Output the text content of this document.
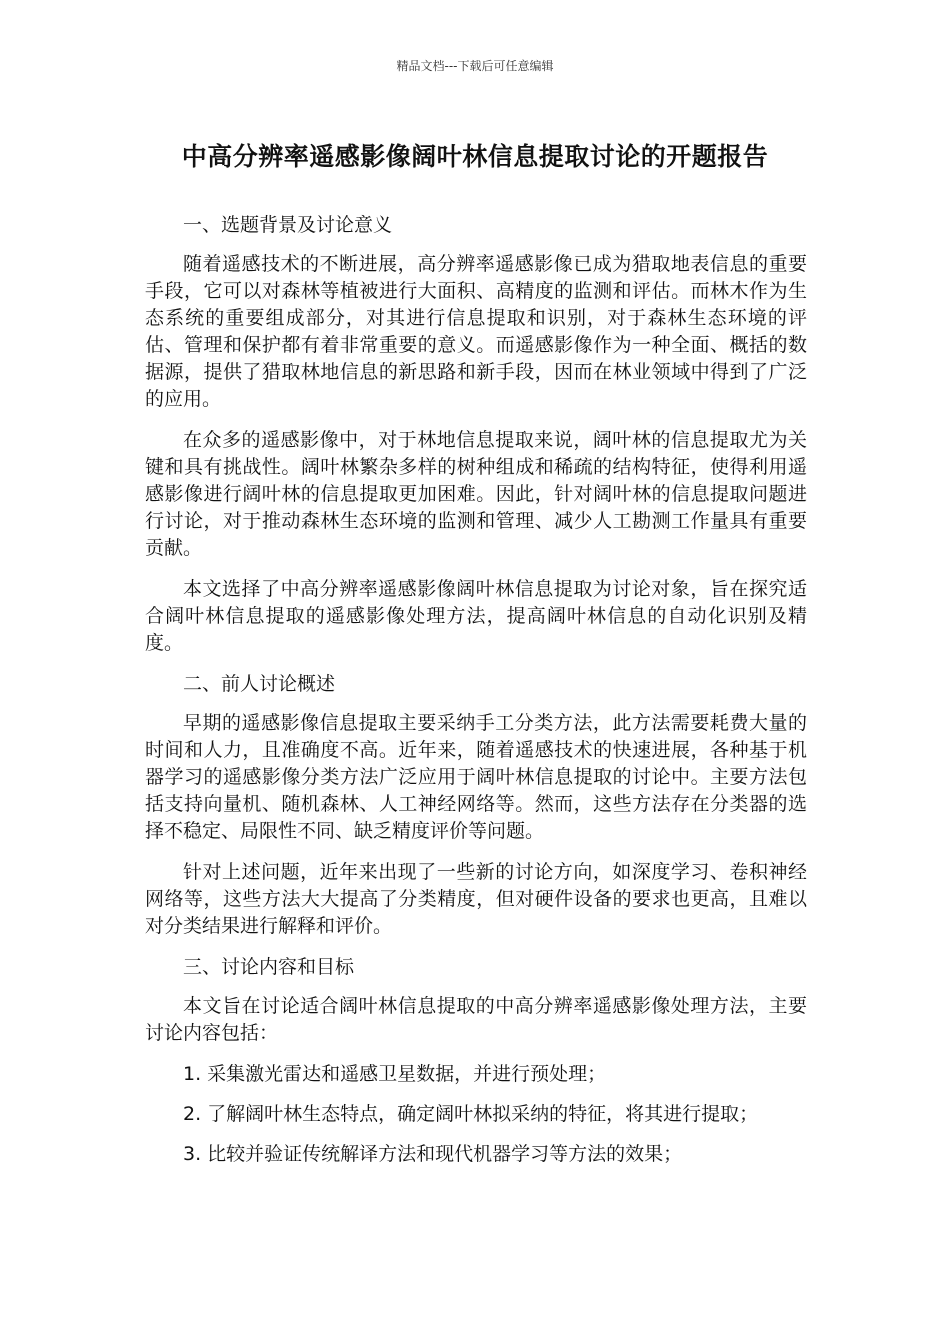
精品文档---下载后可任意编辑
中高分辨率遥感影像阔叶林信息提取讨论的开题报告

一、选题背景及讨论意义

随着遥感技术的不断进展，高分辨率遥感影像已成为猎取地表信息的重要手段，它可以对森林等植被进行大面积、高精度的监测和评估。而林木作为生态系统的重要组成部分，对其进行信息提取和识别，对于森林生态环境的评估、管理和保护都有着非常重要的意义。而遥感影像作为一种全面、概括的数据源，提供了猎取林地信息的新思路和新手段，因而在林业领域中得到了广泛的应用。

在众多的遥感影像中，对于林地信息提取来说，阔叶林的信息提取尤为关键和具有挑战性。阔叶林繁杂多样的树种组成和稀疏的结构特征，使得利用遥感影像进行阔叶林的信息提取更加困难。因此，针对阔叶林的信息提取问题进行讨论，对于推动森林生态环境的监测和管理、减少人工勘测工作量具有重要贡献。

本文选择了中高分辨率遥感影像阔叶林信息提取为讨论对象，旨在探究适合阔叶林信息提取的遥感影像处理方法，提高阔叶林信息的自动化识别及精度。

二、前人讨论概述

早期的遥感影像信息提取主要采纳手工分类方法，此方法需要耗费大量的时间和人力，且准确度不高。近年来，随着遥感技术的快速进展，各种基于机器学习的遥感影像分类方法广泛应用于阔叶林信息提取的讨论中。主要方法包括支持向量机、随机森林、人工神经网络等。然而，这些方法存在分类器的选择不稳定、局限性不同、缺乏精度评价等问题。

针对上述问题，近年来出现了一些新的讨论方向，如深度学习、卷积神经网络等，这些方法大大提高了分类精度，但对硬件设备的要求也更高，且难以对分类结果进行解释和评价。

三、讨论内容和目标

本文旨在讨论适合阔叶林信息提取的中高分辨率遥感影像处理方法，主要讨论内容包括：

1. 采集激光雷达和遥感卫星数据，并进行预处理；

2. 了解阔叶林生态特点，确定阔叶林拟采纳的特征，将其进行提取；

3. 比较并验证传统解译方法和现代机器学习等方法的效果；
